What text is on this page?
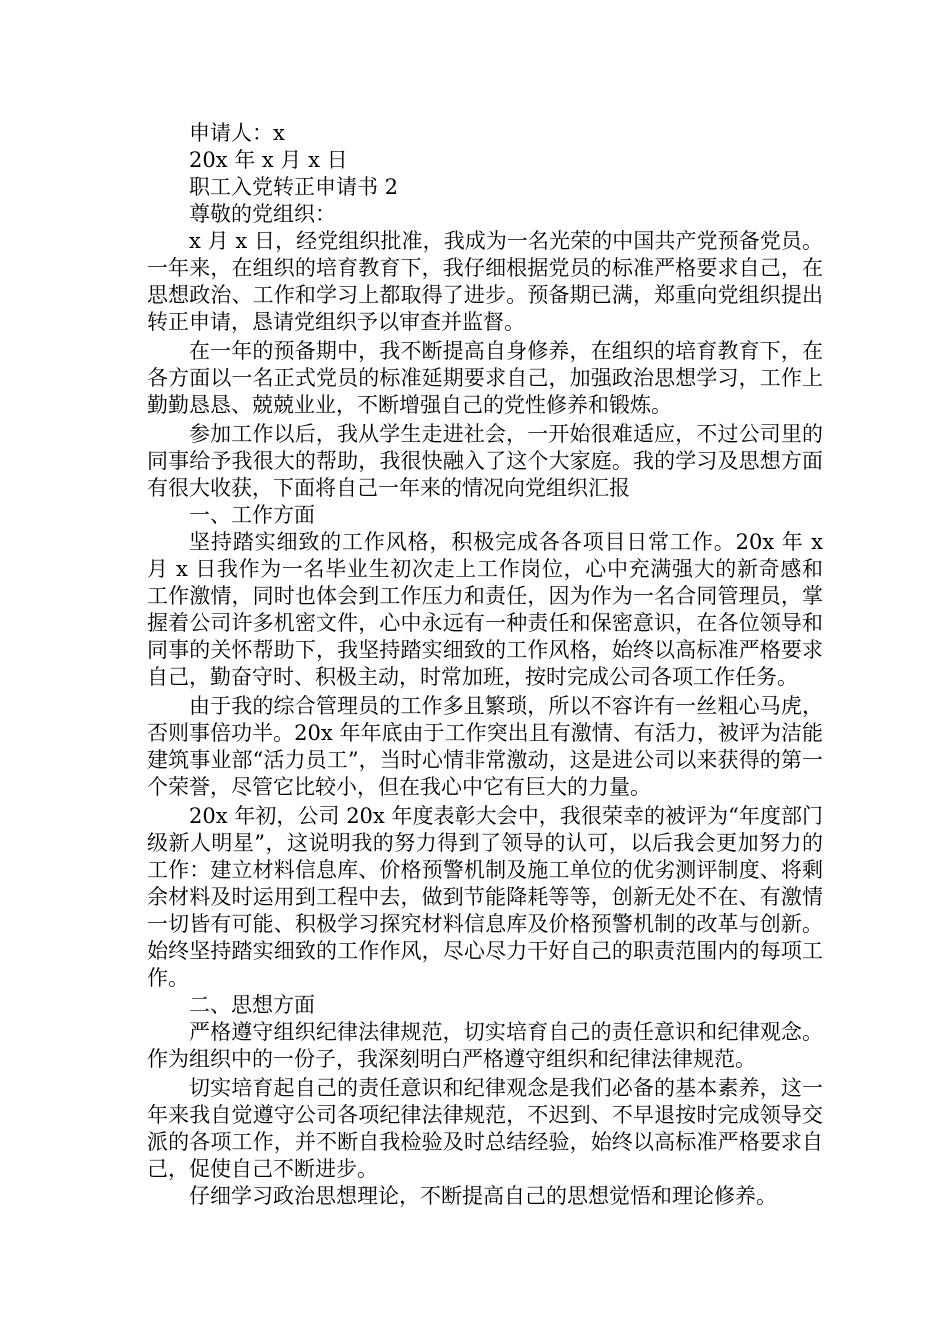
申请人：x

20x 年 x 月 x 日

职工入党转正申请书 2

尊敬的党组织：

x 月 x 日，经党组织批准，我成为一名光荣的中国共产党预备党员。一年来，在组织的培育教育下，我仔细根据党员的标准严格要求自己，在思想政治、工作和学习上都取得了进步。预备期已满，郑重向党组织提出转正申请，恳请党组织予以审查并监督。

在一年的预备期中，我不断提高自身修养，在组织的培育教育下，在各方面以一名正式党员的标准延期要求自己，加强政治思想学习，工作上勤勤恳恳、兢兢业业，不断增强自己的党性修养和锻炼。

参加工作以后，我从学生走进社会，一开始很难适应，不过公司里的同事给予我很大的帮助，我很快融入了这个大家庭。我的学习及思想方面有很大收获，下面将自己一年来的情况向党组织汇报

一、工作方面

坚持踏实细致的工作风格，积极完成各各项目日常工作。20x 年 x 月 x 日我作为一名毕业生初次走上工作岗位，心中充满强大的新奇感和工作激情，同时也体会到工作压力和责任，因为作为一名合同管理员，掌握着公司许多机密文件，心中永远有一种责任和保密意识，在各位领导和同事的关怀帮助下，我坚持踏实细致的工作风格，始终以高标准严格要求自己，勤奋守时、积极主动，时常加班，按时完成公司各项工作任务。

由于我的综合管理员的工作多且繁琐，所以不容许有一丝粗心马虎，否则事倍功半。20x 年年底由于工作突出且有激情、有活力，被评为洁能建筑事业部“活力员工”，当时心情非常激动，这是进公司以来获得的第一个荣誉，尽管它比较小，但在我心中它有巨大的力量。

20x 年初，公司 20x 年度表彰大会中，我很荣幸的被评为“年度部门级新人明星”，这说明我的努力得到了领导的认可，以后我会更加努力的工作：建立材料信息库、价格预警机制及施工单位的优劣测评制度、将剩余材料及时运用到工程中去，做到节能降耗等等，创新无处不在、有激情一切皆有可能、积极学习探究材料信息库及价格预警机制的改革与创新。始终坚持踏实细致的工作作风，尽心尽力干好自己的职责范围内的每项工作。

二、思想方面

严格遵守组织纪律法律规范，切实培育自己的责任意识和纪律观念。作为组织中的一份子，我深刻明白严格遵守组织和纪律法律规范。

切实培育起自己的责任意识和纪律观念是我们必备的基本素养，这一年来我自觉遵守公司各项纪律法律规范，不迟到、不早退按时完成领导交派的各项工作，并不断自我检验及时总结经验，始终以高标准严格要求自己，促使自己不断进步。

仔细学习政治思想理论，不断提高自己的思想觉悟和理论修养。
